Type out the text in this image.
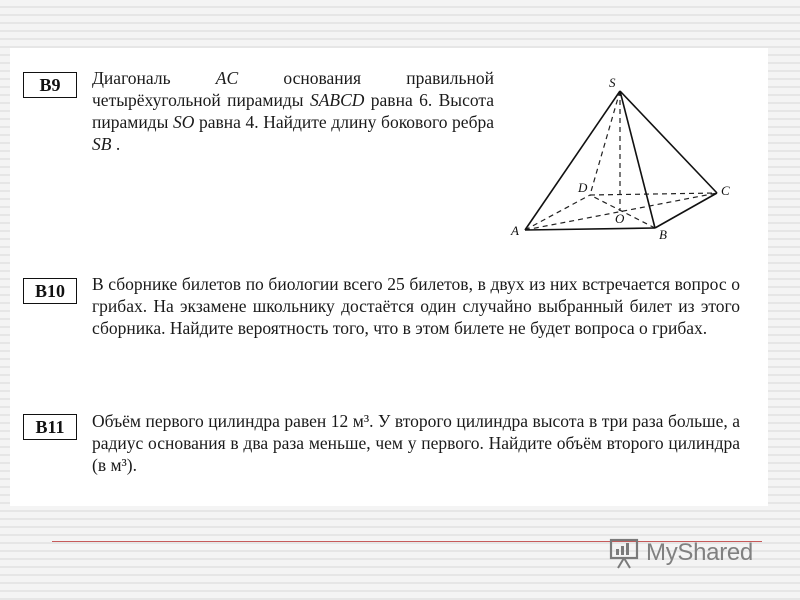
B9	Диагональ AC основания правильной четырёхугольной пирамиды SABCD равна 6. Высота пирамиды SO равна 4. Найдите длину бокового ребра SB .

S
A	B
C
D
O
B10	В сборнике билетов по биологии всего 25 билетов, в двух из них встречается вопрос о грибах. На экзамене школьнику достаётся один случайно выбранный билет из этого сборника. Найдите вероятность того, что в этом билете не будет вопроса о грибах.

B11	Объём первого цилиндра равен 12 м³. У второго цилиндра высота в три раза больше, а радиус основания в два раза меньше, чем у первого. Найдите объём второго цилиндра (в м³).

MyShared
